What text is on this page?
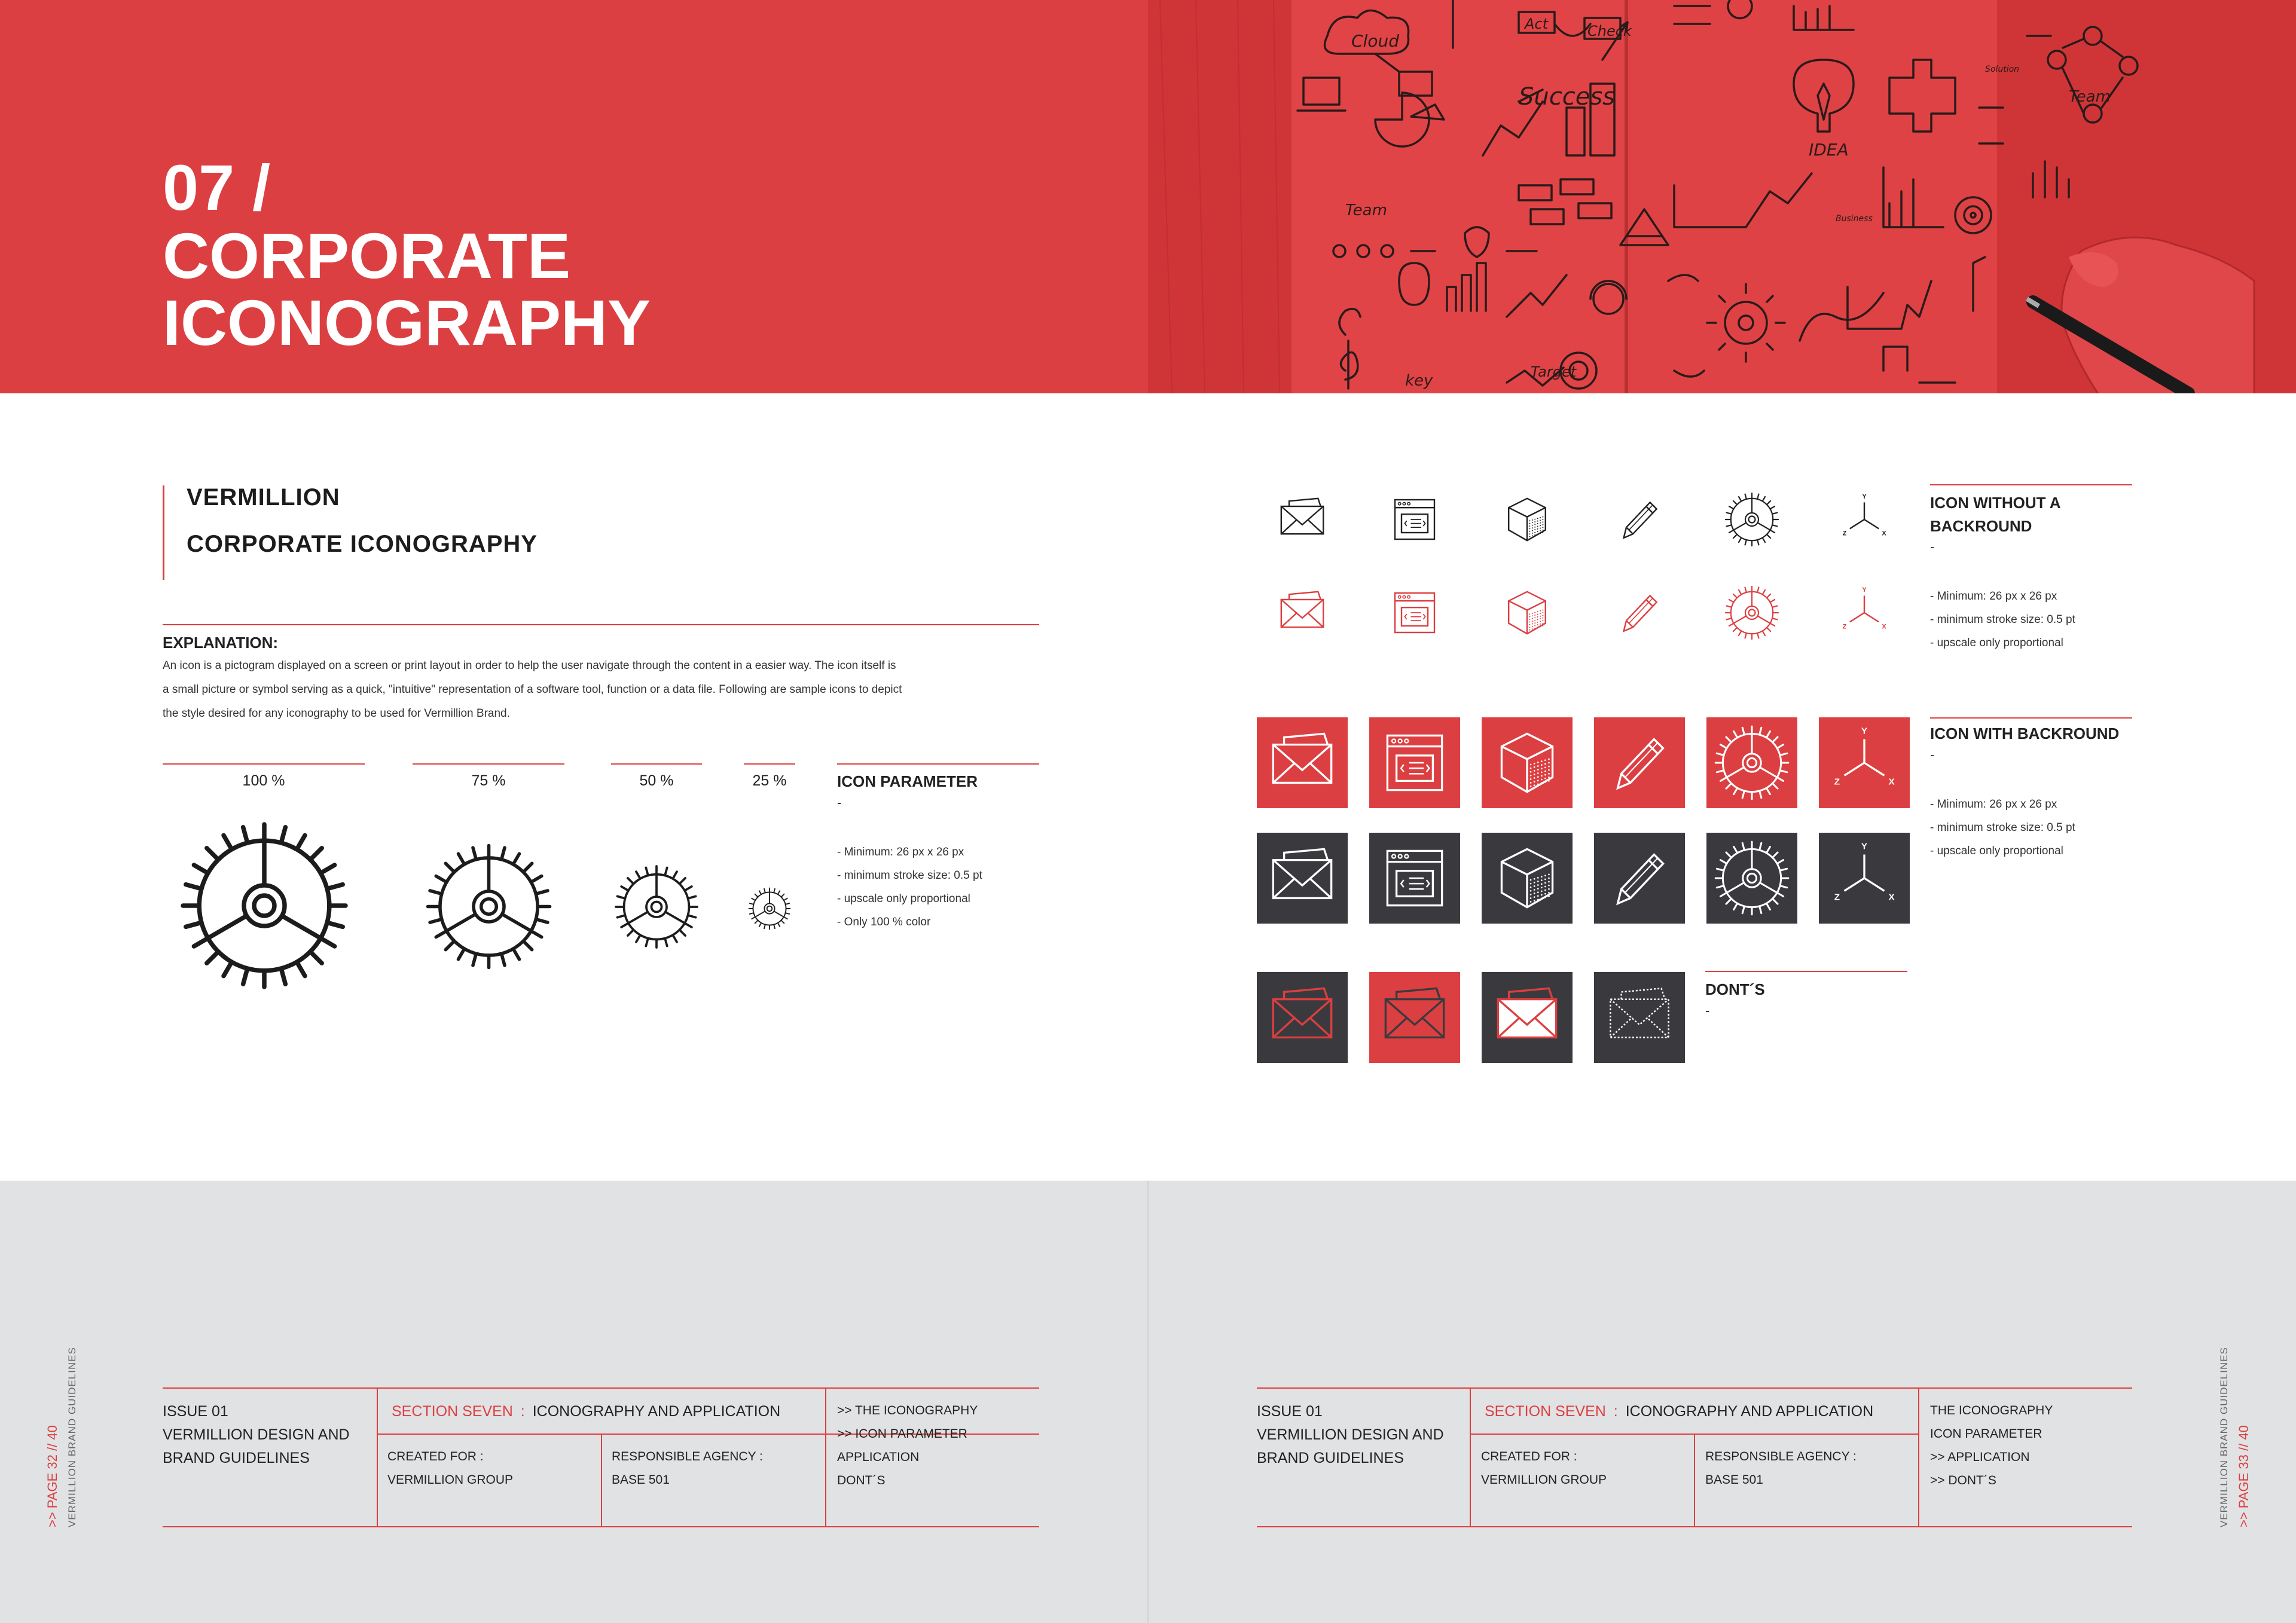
07 /
CORPORATE
ICONOGRAPHY
Cloud
Act	Check
Success
IDEA
Team
Team
Target
key
Solution
Business
VERMILLION
CORPORATE ICONOGRAPHY
EXPLANATION:
An icon is a pictogram displayed on a screen or print layout in order to help the user navigate through the content in a easier way. The icon itself is
a small picture or symbol serving as a quick, "intuitive" representation of a software tool, function or a data file. Following are sample icons to depict
the style desired for any iconography to be used for Vermillion Brand.
100 %	75 %	50 %	25 %	ICON PARAMETER
-
- Minimum: 26 px x 26 px
- minimum stroke size: 0.5 pt
- upscale only proportional
- Only 100 % color
Y
X
Z
Y
X
Z
Y
X
Z
Y
X
Z
ICON WITHOUT A
BACKROUND
-
- Minimum: 26 px x 26 px
- minimum stroke size: 0.5 pt
- upscale only proportional
ICON WITH BACKROUND
-
- Minimum: 26 px x 26 px
- minimum stroke size: 0.5 pt
- upscale only proportional
DONT´S
-
ISSUE 01
VERMILLION DESIGN AND
BRAND GUIDELINES
SECTION SEVEN : ICONOGRAPHY AND APPLICATION
CREATED FOR :
VERMILLION GROUP
RESPONSIBLE AGENCY :
BASE 501
>> THE ICONOGRAPHY
>> ICON PARAMETER
APPLICATION
DONT´S
>> PAGE 32 // 40 VERMILLION BRAND GUIDELINES	ISSUE 01
VERMILLION DESIGN AND
BRAND GUIDELINES
SECTION SEVEN : ICONOGRAPHY AND APPLICATION
CREATED FOR :
VERMILLION GROUP
RESPONSIBLE AGENCY :
BASE 501
THE ICONOGRAPHY
ICON PARAMETER
>> APPLICATION
>> DONT´S	VERMILLION BRAND GUIDELINES >> PAGE 33 // 40
